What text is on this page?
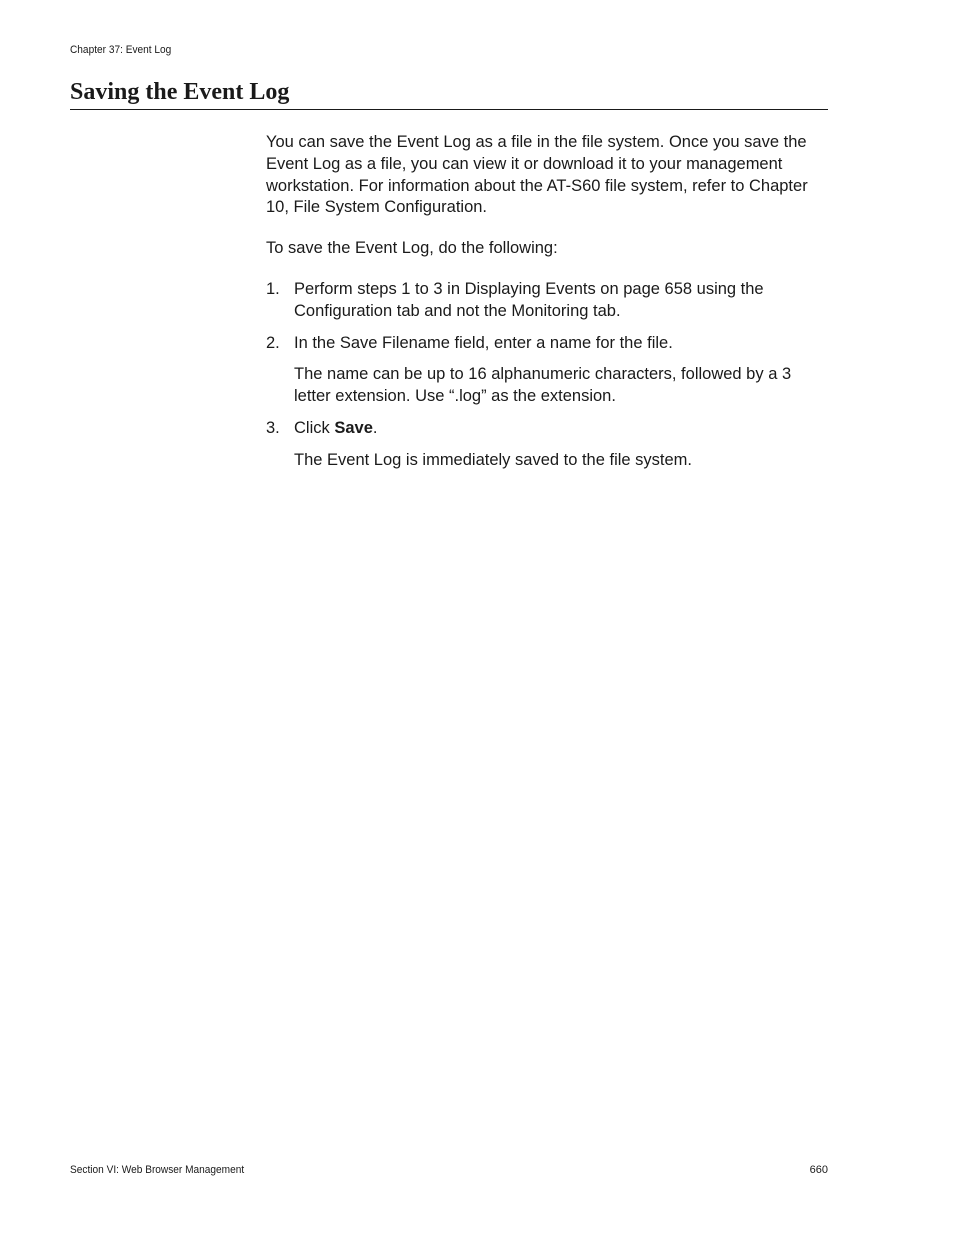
Chapter 37: Event Log
Saving the Event Log

You can save the Event Log as a file in the file system. Once you save the Event Log as a file, you can view it or download it to your management workstation. For information about the AT-S60 file system, refer to Chapter 10, File System Configuration.

To save the Event Log, do the following:

1. Perform steps 1 to 3 in Displaying Events on page 658 using the Configuration tab and not the Monitoring tab.

2. In the Save Filename field, enter a name for the file.

The name can be up to 16 alphanumeric characters, followed by a 3 letter extension. Use “.log” as the extension.

3. Click Save.

The Event Log is immediately saved to the file system.

Section VI: Web Browser Management	660
